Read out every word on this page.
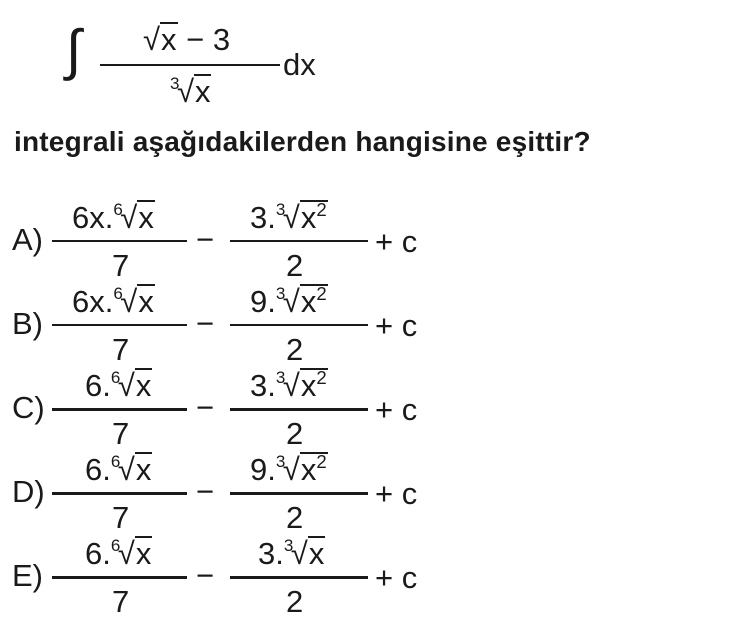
∫ √x − 3
$^3$√x
dx
integrali aşağıdakilerden hangisine eşittir?
A)
6x.$^6$√x
7
−
$3.^3√x^2$
2
+ c
B)
6x.$^6$√x
7
−
$9.^3√x^2$
2
+ c
C)
6.$^6$√x
7
−
$3.^3√x^2$
2
+ c
D)
6.$^6$√x
7
−
$9.^3√x^2$
2
+ c
E)
6.$^6$√x
7
−
3.$^3$√x
2
+ c
